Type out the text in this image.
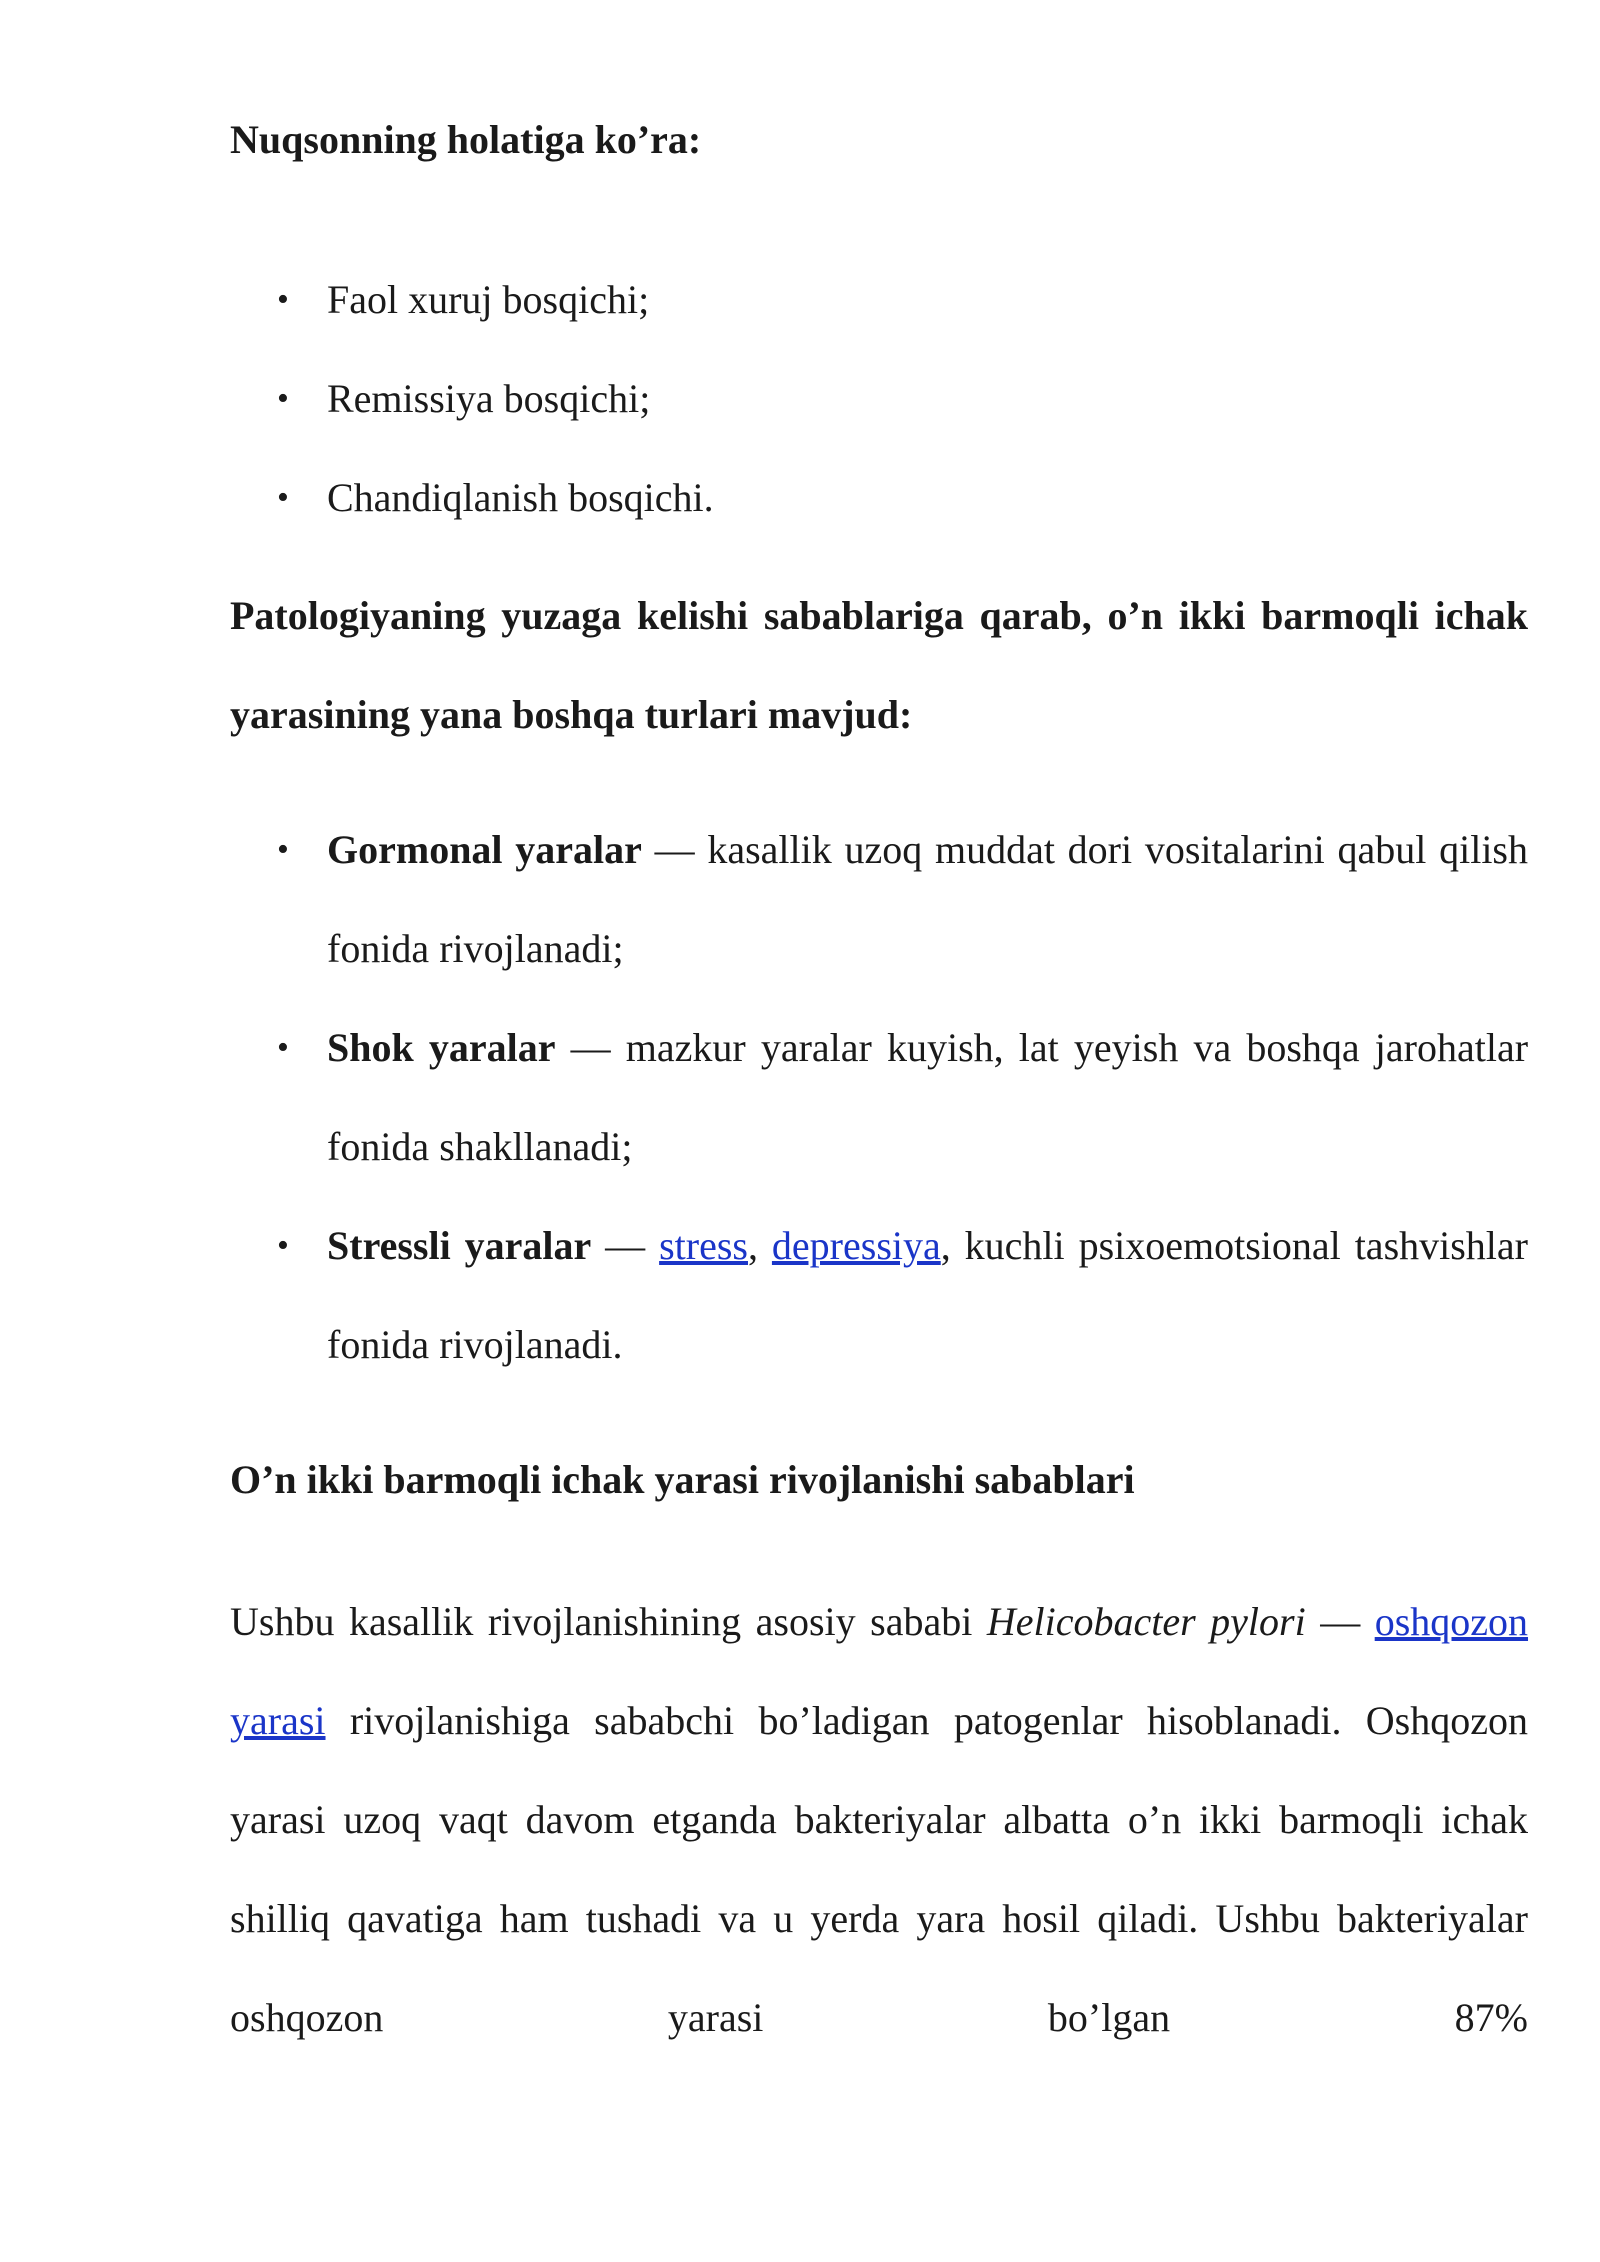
Nuqsonning holatiga ko’ra:
• Faol xuruj bosqichi;
• Remissiya bosqichi;
• Chandiqlanish bosqichi.

Patologiyaning yuzaga kelishi sabablariga qarab, o’n ikki barmoqli ichak yarasining yana boshqa turlari mavjud:

• Gormonal yaralar — kasallik uzoq muddat dori vositalarini qabul qilish fonida rivojlanadi;
• Shok yaralar — mazkur yaralar kuyish, lat yeyish va boshqa jarohatlar fonida shakllanadi;
• Stressli yaralar — stress, depressiya, kuchli psixoemotsional tashvishlar fonida rivojlanadi.
O’n ikki barmoqli ichak yarasi rivojlanishi sabablari

Ushbu kasallik rivojlanishining asosiy sababi Helicobacter pylori — oshqozon yarasi rivojlanishiga sababchi bo’ladigan patogenlar hisoblanadi. Oshqozon yarasi uzoq vaqt davom etganda bakteriyalar albatta o’n ikki barmoqli ichak shilliq qavatiga ham tushadi va u yerda yara hosil qiladi. Ushbu bakteriyalar oshqozon yarasi bo’lgan 87%
